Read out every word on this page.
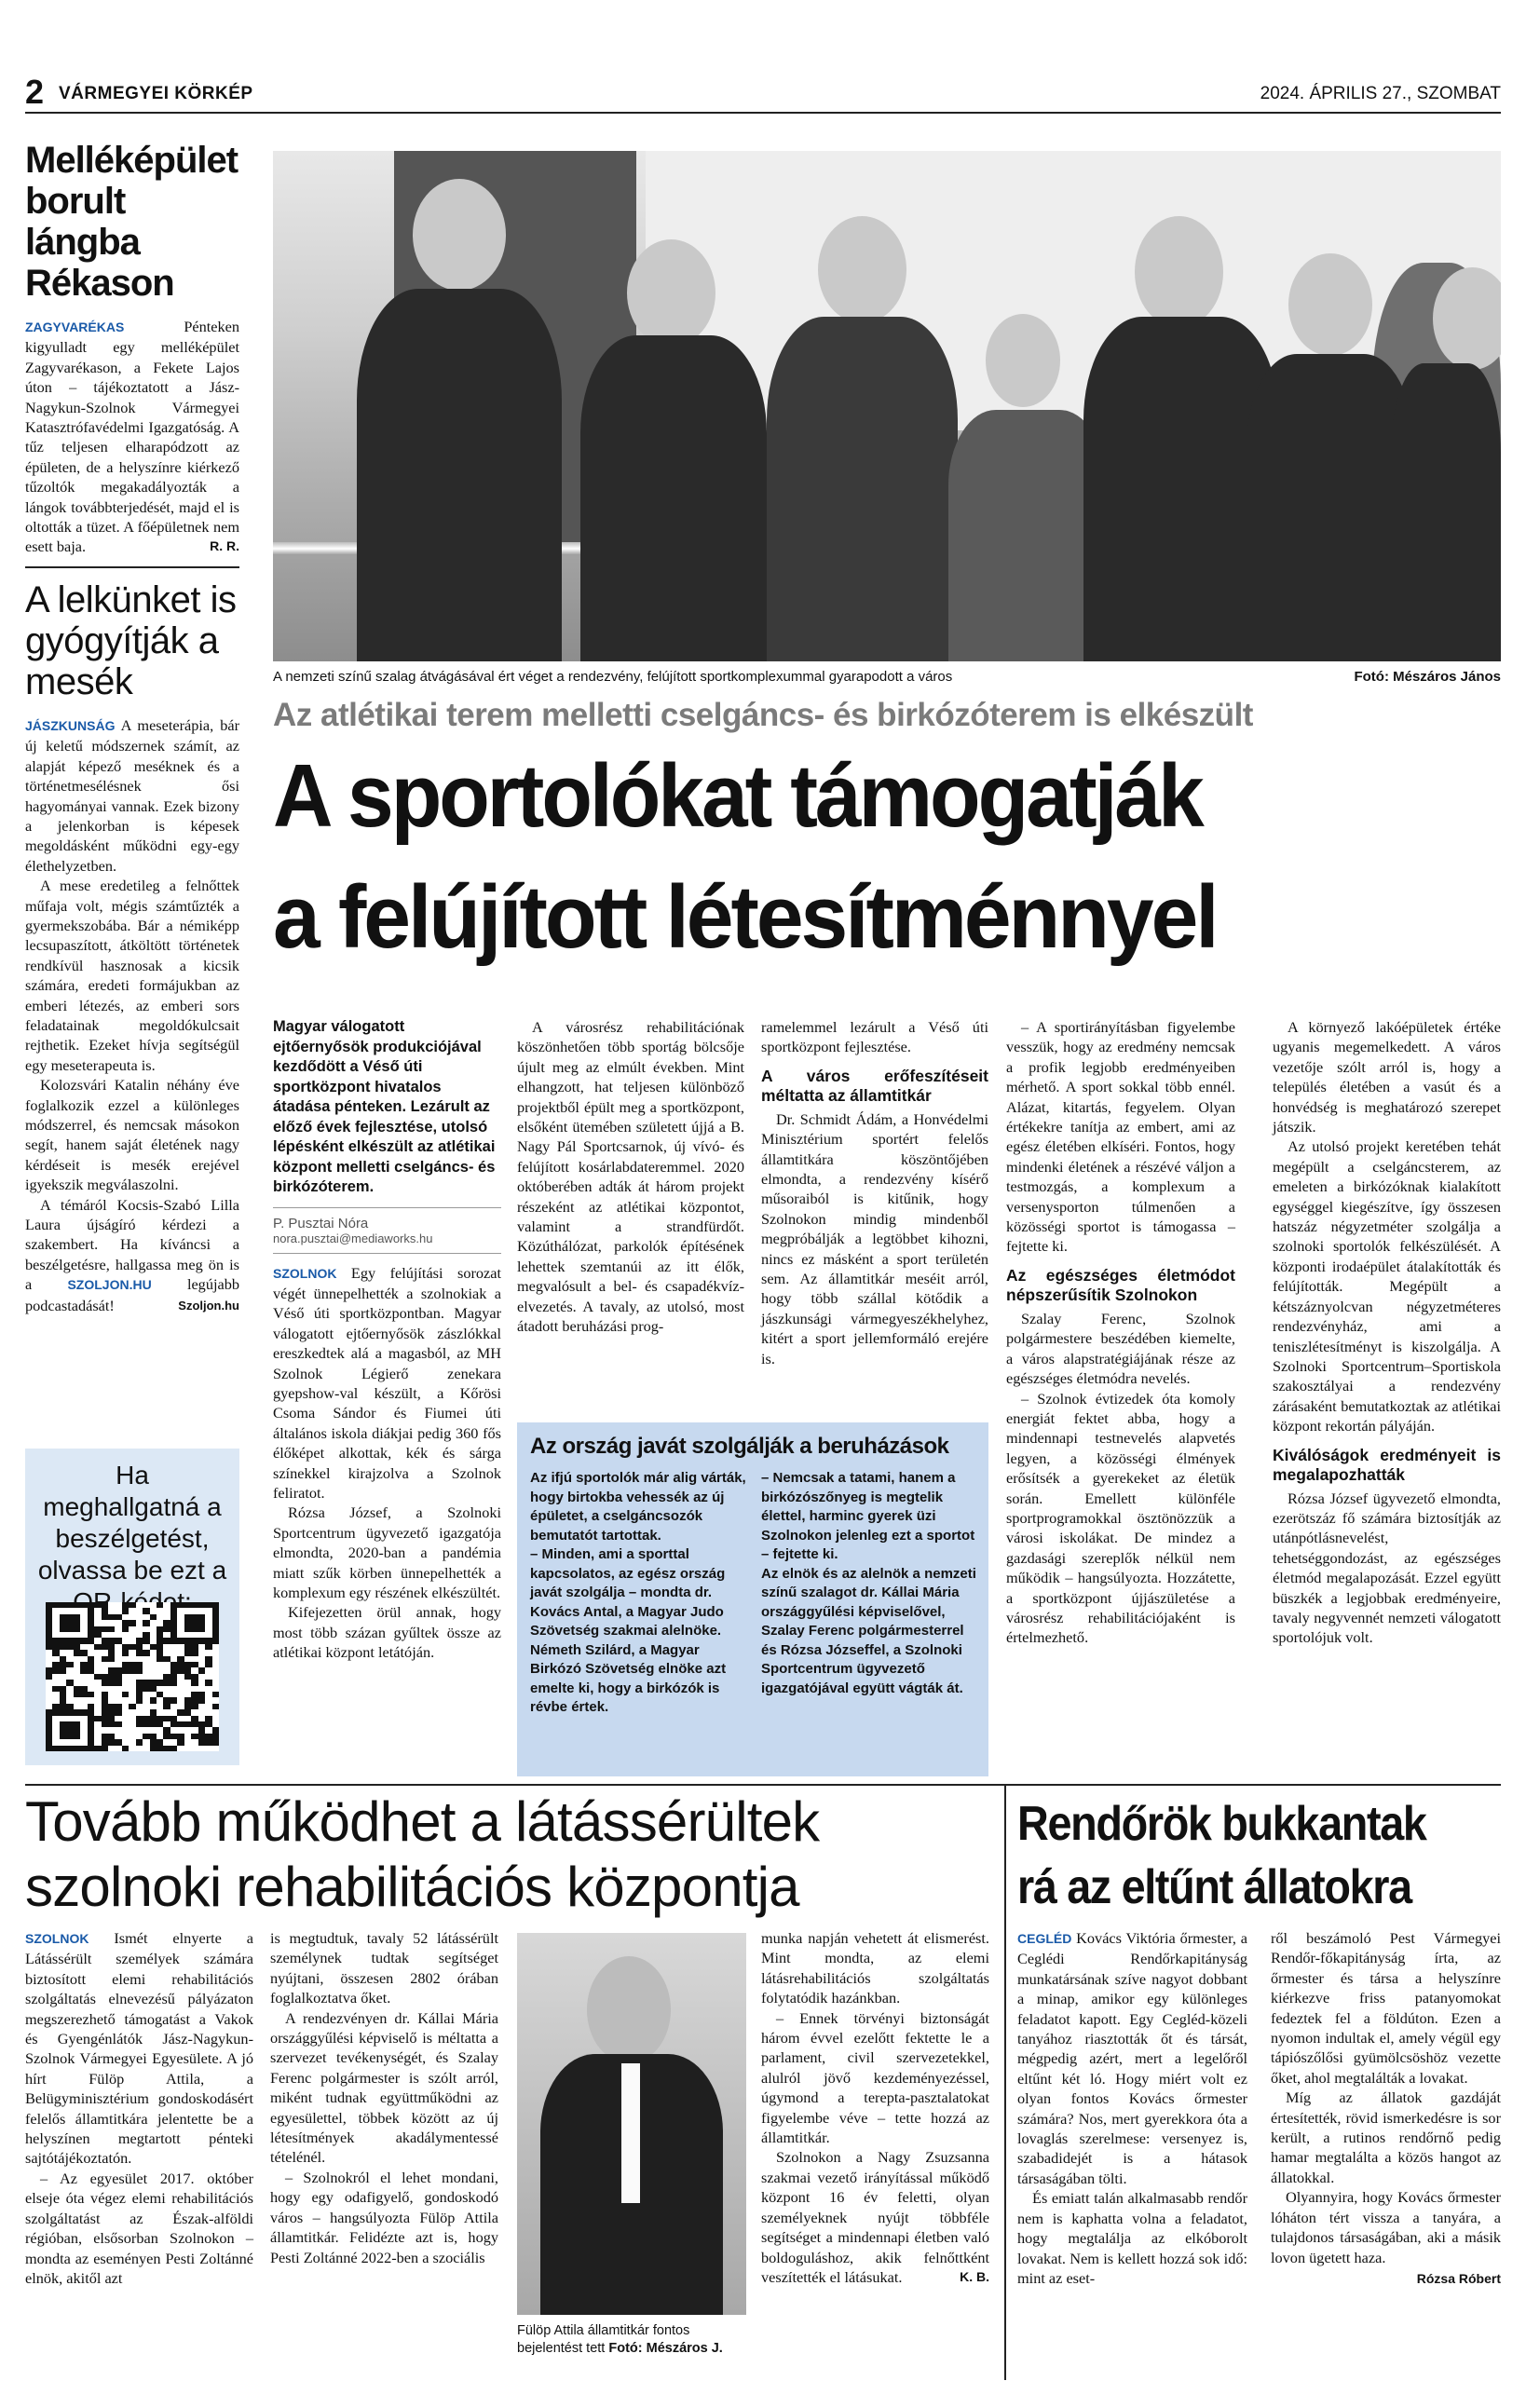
2 VÁRMEGYEI KÖRKÉP	2024. ÁPRILIS 27., SZOMBAT
Melléképület borult lángba Rékason

ZAGYVARÉKAS	Pénteken kigyulladt egy melléképület Zagyvarékason, a Fekete Lajos úton – tájékoztatott a Jász-Nagykun-Szolnok Vármegyei Katasztrófavédelmi Igazgatóság. A tűz teljesen elharapódzott az épületen, de a helyszínre kiérkező tűzoltók megakadályozták a lángok továbbterjedését, majd el is oltották a tüzet. A főépületnek nem esett baja.	R. R.

A lelkünket is gyógyítják a mesék

JÁSZKUNSÁG A meseterápia, bár új keletű módszernek számít, az alapját képező meséknek és a történetmesélésnek ősi hagyományai vannak. Ezek bizony a jelenkorban is képesek megoldásként működni egy-egy élethelyzetben.

A mese eredetileg a felnőttek műfaja volt, mégis számtűzték a gyermekszobába. Bár a némiképp lecsupaszított, átköltött történetek rendkívül hasznosak a kicsik számára, eredeti formájukban az emberi létezés, az emberi sors feladatainak megoldókulcsait rejthetik. Ezeket hívja segítségül egy meseterapeuta is.

Kolozsvári Katalin néhány éve foglalkozik ezzel a különleges módszerrel, és nemcsak másokon segít, hanem saját életének nagy kérdéseit is mesék erejével igyekszik megválaszolni.

A témáról Kocsis-Szabó Lilla Laura újságíró kérdezi a szakembert. Ha kíváncsi a beszélgetésre, hallgassa meg ön is a	SZOLJON.HU legújabb podcastadását!	Szoljon.hu

Ha meghallgatná a beszélgetést, olvassa be ezt a
A nemzeti színű szalag átvágásával ért véget a rendezvény, felújított sportkomplexummal gyarapodott a város	Fotó: Mészáros János
Az atlétikai terem melletti cselgáncs- és birkózóterem is elkészült
A sportolókat támogatják
a felújított létesítménnyel
Magyar válogatott ejtőernyősök produkciójával kezdődött a Véső úti sportközpont hivatalos átadása pénteken. Lezárult az előző évek fejlesztése, utolsó lépésként elkészült az atlétikai központ melletti cselgáncs- és birkózóterem.
P. Pusztai Nóra
nora.pusztai@mediaworks.hu

SZOLNOK Egy felújítási sorozat végét ünnepelhették a szolnokiak a Véső úti sportközpontban. Magyar válogatott ejtőernyősök zászlókkal ereszkedtek alá a magasból, az MH Szolnok Légierő zenekara gyepshow-val készült, a Kőrösi Csoma Sándor és Fiumei úti általános iskola diákjai pedig 360 fős élőképet alkottak, kék és sárga színekkel kirajzolva a Szolnok feliratot.

Rózsa József, a Szolnoki Sportcentrum ügyvezető igazgatója elmondta, 2020-ban a pandémia miatt szűk körben ünnepelhették a komplexum egy részének elkészültét.

Kifejezetten örül annak, hogy most több százan gyűltek össze az atlétikai központ letátóján.

A városrész rehabilitációnak köszönhetően több sportág bölcsője újult meg az elmúlt években. Mint elhangzott, hat teljesen különböző projektből épült meg a sportközpont, elsőként ütemében született újjá a B. Nagy Pál Sportcsarnok, új vívó- és felújított kosárlabdateremmel. 2020 októberében adták át három projekt részeként az atlétikai központot, valamint a strandfürdőt. Közúthálózat, parkolók építésének lehettek szemtanúi az itt élők, megvalósult a bel- és csapadékvíz-elvezetés. A tavaly, az utolsó, most átadott beruházási prog-

ramelemmel lezárult a Véső úti sportközpont fejlesztése.

A város erőfeszítéseit méltatta az államtitkár

Dr. Schmidt Ádám, a Honvédelmi Minisztérium sportért felelős államtitkára köszöntőjében elmondta, a rendezvény kísérő műsoraiból is kitűnik, hogy Szolnokon mindig mindenből megpróbálják a legtöbbet kihozni, nincs ez másként a sport területén sem. Az államtitkár meséit arról, hogy több szállal kötődik a jászkunsági vármegyeszékhelyhez, kitért a sport jellemformáló erejére is.

– A sportirányításban figyelembe vesszük, hogy az eredmény nemcsak a profik legjobb eredményeiben mérhető. A sport sokkal több ennél. Alázat, kitartás, fegyelem. Olyan értékekre tanítja az embert, ami az egész életében elkíséri. Fontos, hogy mindenki életének a részévé váljon a testmozgás, a komplexum a versenysporton túlmenően a közösségi sportot is támogassa – fejtette ki.

Az egészséges életmódot népszerűsítik Szolnokon

Szalay Ferenc, Szolnok polgármestere beszédében kiemelte, a város alapstratégiájának része az egészséges életmódra nevelés.

– Szolnok évtizedek óta komoly energiát fektet abba, hogy a mindennapi testnevelés alapvetés legyen, a közösségi élmények erősítsék a gyerekeket az életük során. Emellett különféle sportprogramokkal ösztönözzük a városi iskolákat. De mindez a gazdasági szereplők nélkül nem működik – hangsúlyozta. Hozzátette, a sportközpont újjászületése a városrész rehabilitációjaként is értelmezhető.

A környező lakóépületek értéke ugyanis megemelkedett. A város vezetője szólt arról is, hogy a település életében a vasút és a honvédség is meghatározó szerepet játszik.

Az utolsó projekt keretében tehát megépült a cselgáncsterem, az emeleten a birkózóknak kialakított egységgel kiegészítve, így összesen hatszáz négyzetméter szolgálja a szolnoki sportolók felkészülését. A központi irodaépület átalakították és felújították. Megépült a kétszáznyolcvan négyzetméteres rendezvényház, ami a teniszlétesítményt is kiszolgálja. A Szolnoki Sportcentrum–Sportiskola szakosztályai a rendezvény zárásaként bemutatkoztak az atlétikai központ rekortán pályáján.

Kiválóságok eredményeit is megalapozhatták

Rózsa József ügyvezető elmondta, ezerötszáz fő számára biztosítják az utánpótlásnevelést, tehetséggondozást, az egészséges életmód megalapozását. Ezzel együtt büszkék a legjobbak eredményeire, tavaly negyvennét nemzeti válogatott sportolójuk volt.

Az ország javát szolgálják a beruházások
Az ifjú sportolók már alig várták, hogy birtokba vehessék az új épületet, a cselgáncsozók bemutatót tartottak.
– Minden, ami a sporttal kapcsolatos, az egész ország javát szolgálja – mondta dr. Kovács Antal, a Magyar Judo Szövetség szakmai alelnöke.
Németh Szilárd, a Magyar Birkózó Szövetség elnöke azt emelte ki, hogy a birkózók is révbe értek.
– Nemcsak a tatami, hanem a birkózószőnyeg is megtelik élettel, harminc gyerek üzi Szolnokon jelenleg ezt a sportot – fejtette ki.
Az elnök és az alelnök a nemzeti színű szalagot dr. Kállai Mária országgyűlési képviselővel, Szalay Ferenc polgármesterrel és Rózsa Józseffel, a Szolnoki Sportcentrum ügyvezető igazgatójával együtt vágták át.
Tovább működhet a látássérültek
szolnoki rehabilitációs központja

SZOLNOK Ismét elnyerte a Látássérült személyek számára biztosított elemi rehabilitációs szolgáltatás elnevezésű pályázaton megszerezhető támogatást a Vakok és Gyengénlátók Jász-Nagykun-Szolnok Vármegyei Egyesülete. A jó hírt Fülöp Attila, a Belügyminisztérium gondoskodásért felelős államtitkára jelentette be a helyszínen megtartott pénteki sajtótájékoztatón.

– Az egyesület 2017. október elseje óta végez elemi rehabilitációs szolgáltatást az Észak-alföldi régióban, elsősorban Szolnokon – mondta az eseményen Pesti Zoltánné elnök, akitől azt

is megtudtuk, tavaly 52 látássérült személynek tudtak segítséget nyújtani, összesen 2802 órában foglalkoztatva őket.

A rendezvényen dr. Kállai Mária országgyűlési képviselő is méltatta a szervezet tevékenységét, és Szalay Ferenc polgármester is szólt arról, miként tudnak együttműködni az egyesülettel, többek között az új létesítmények akadálymentessé tételénél.

– Szolnokról el lehet mondani, hogy egy odafigyelő, gondoskodó város – hangsúlyozta Fülöp Attila államtitkár. Felidézte azt is, hogy Pesti Zoltánné 2022-ben a szociális

Fülöp Attila államtitkár fontos bejelentést tett Fotó: Mészáros J.

munka napján vehetett át elismerést. Mint mondta, az elemi látásrehabilitációs szolgáltatás folytatódik hazánkban.

– Ennek törvényi biztonságát három évvel ezelőtt fektette le a parlament, civil szervezetekkel, alulról jövő kezdeményezéssel, úgymond a terepta-pasztalatokat figyelembe véve – tette hozzá az államtitkár.

Szolnokon a Nagy Zsuzsanna szakmai vezető irányítással működő központ 16 év feletti, olyan személyeknek nyújt többféle segítséget a mindennapi életben való boldoguláshoz, akik felnőttként veszítették el látásukat.	K. B.

Rendőrök bukkantak
rá az eltűnt állatokra

CEGLÉD Kovács Viktória őrmester, a Ceglédi Rendőrkapitányság munkatársának szíve nagyot dobbant a minap, amikor egy különleges feladatot kapott. Egy Cegléd-közeli tanyához riasztották őt és társát, mégpedig azért, mert a legelőről eltűnt két ló. Hogy miért volt ez olyan fontos Kovács őrmester számára? Nos, mert gyerekkora óta a lovaglás szerelmese: versenyez is, szabadidejét is a hátasok társaságában tölti.

És emiatt talán alkalmasabb rendőr nem is kaphatta volna a feladatot, hogy megtalálja az elkóborolt lovakat. Nem is kellett hozzá sok idő: mint az eset-

ről beszámoló Pest Vármegyei Rendőr-főkapitányság írta, az őrmester és társa a helyszínre kiérkezve friss patanyomokat fedeztek fel a földúton. Ezen a nyomon indultak el, amely végül egy tápiószőlősi gyümölcsöshöz vezette őket, ahol megtalálták a lovakat.

Míg az állatok gazdáját értesítették, rövid ismerkedésre is sor került, a rutinos rendőrnő pedig hamar megtalálta a közös hangot az állatokkal.

Olyannyira, hogy Kovács őrmester lóháton tért vissza a tanyára, a tulajdonos társaságában, aki a másik lovon ügetett haza.

Rózsa Róbert
